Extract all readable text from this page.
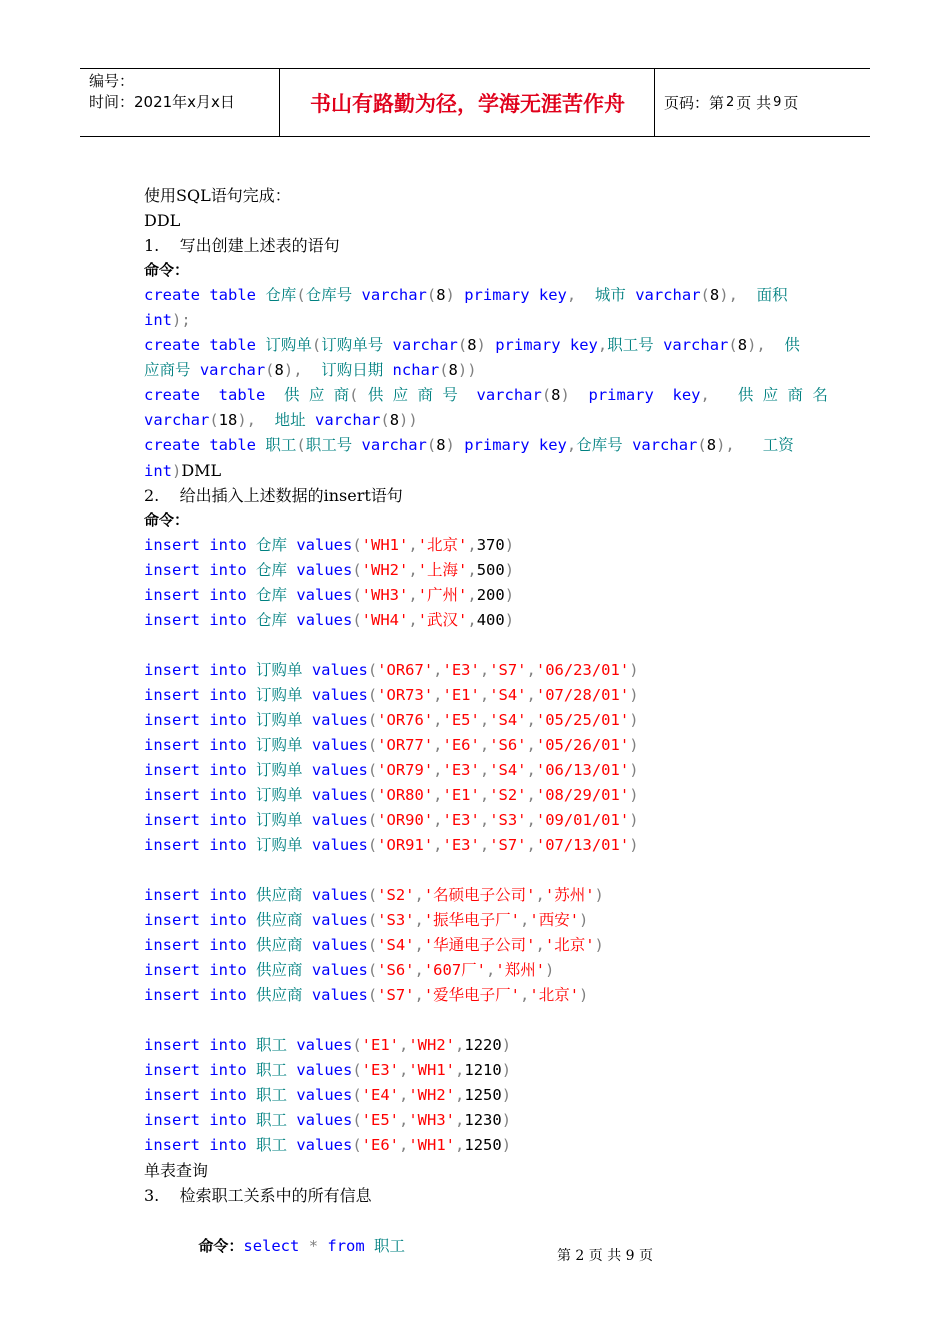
编号：
时间：2021年x月x日	书山有路勤为径，学海无涯苦作舟	页码：第 2 页 共 9 页
使用SQL语句完成：
DDL
1.    写出创建上述表的语句
命令：
create table 仓库(仓库号 varchar(8) primary key,  城市 varchar(8),  面积
int);
create table 订购单(订购单号 varchar(8) primary key,职工号 varchar(8),  供
应商号 varchar(8),  订购日期 nchar(8))
create  table  供 应 商( 供 应 商 号  varchar(8)  primary  key,   供 应 商 名
varchar(18),  地址 varchar(8))
create table 职工(职工号 varchar(8) primary key,仓库号 varchar(8),   工资
int)DML
2.    给出插入上述数据的insert语句
命令：
insert into 仓库 values('WH1','北京',370)
insert into 仓库 values('WH2','上海',500)
insert into 仓库 values('WH3','广州',200)
insert into 仓库 values('WH4','武汉',400)
insert into 订购单 values('OR67','E3','S7','06/23/01')
insert into 订购单 values('OR73','E1','S4','07/28/01')
insert into 订购单 values('OR76','E5','S4','05/25/01')
insert into 订购单 values('OR77','E6','S6','05/26/01')
insert into 订购单 values('OR79','E3','S4','06/13/01')
insert into 订购单 values('OR80','E1','S2','08/29/01')
insert into 订购单 values('OR90','E3','S3','09/01/01')
insert into 订购单 values('OR91','E3','S7','07/13/01')
insert into 供应商 values('S2','名硕电子公司','苏州')
insert into 供应商 values('S3','振华电子厂','西安')
insert into 供应商 values('S4','华通电子公司','北京')
insert into 供应商 values('S6','607厂','郑州')
insert into 供应商 values('S7','爱华电子厂','北京')
insert into 职工 values('E1','WH2',1220)
insert into 职工 values('E3','WH1',1210)
insert into 职工 values('E4','WH2',1250)
insert into 职工 values('E5','WH3',1230)
insert into 职工 values('E6','WH1',1250)
单表查询
3.    检索职工关系中的所有信息

命令：select * from 职工

第 2 页 共 9 页
